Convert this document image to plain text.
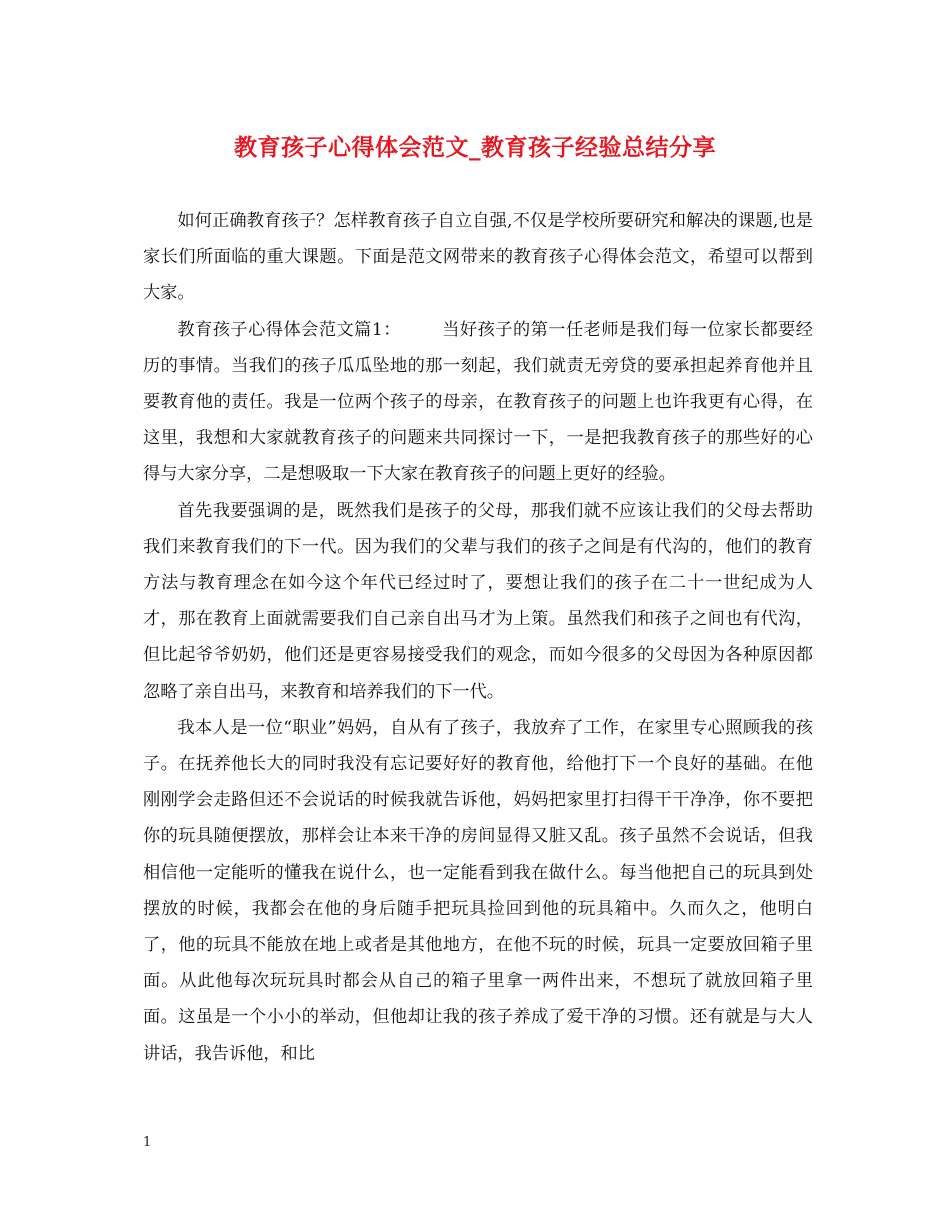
教育孩子心得体会范文_教育孩子经验总结分享

如何正确教育孩子？怎样教育孩子自立自强,不仅是学校所要研究和解决的课题,也是家长们所面临的重大课题。下面是范文网带来的教育孩子心得体会范文，希望可以帮到大家。

教育孩子心得体会范文篇1： 当好孩子的第一任老师是我们每一位家长都要经历的事情。当我们的孩子瓜瓜坠地的那一刻起，我们就责无旁贷的要承担起养育他并且要教育他的责任。我是一位两个孩子的母亲，在教育孩子的问题上也许我更有心得，在这里，我想和大家就教育孩子的问题来共同探讨一下，一是把我教育孩子的那些好的心得与大家分享，二是想吸取一下大家在教育孩子的问题上更好的经验。

首先我要强调的是，既然我们是孩子的父母，那我们就不应该让我们的父母去帮助我们来教育我们的下一代。因为我们的父辈与我们的孩子之间是有代沟的，他们的教育方法与教育理念在如今这个年代已经过时了，要想让我们的孩子在二十一世纪成为人才，那在教育上面就需要我们自己亲自出马才为上策。虽然我们和孩子之间也有代沟，但比起爷爷奶奶，他们还是更容易接受我们的观念，而如今很多的父母因为各种原因都忽略了亲自出马，来教育和培养我们的下一代。

我本人是一位“职业”妈妈，自从有了孩子，我放弃了工作，在家里专心照顾我的孩子。在抚养他长大的同时我没有忘记要好好的教育他，给他打下一个良好的基础。在他刚刚学会走路但还不会说话的时候我就告诉他，妈妈把家里打扫得干干净净，你不要把你的玩具随便摆放，那样会让本来干净的房间显得又脏又乱。孩子虽然不会说话，但我相信他一定能听的懂我在说什么，也一定能看到我在做什么。每当他把自己的玩具到处摆放的时候，我都会在他的身后随手把玩具捡回到他的玩具箱中。久而久之，他明白了，他的玩具不能放在地上或者是其他地方，在他不玩的时候，玩具一定要放回箱子里面。从此他每次玩玩具时都会从自己的箱子里拿一两件出来，不想玩了就放回箱子里面。这虽是一个小小的举动，但他却让我的孩子养成了爱干净的习惯。还有就是与大人讲话，我告诉他，和比

1
